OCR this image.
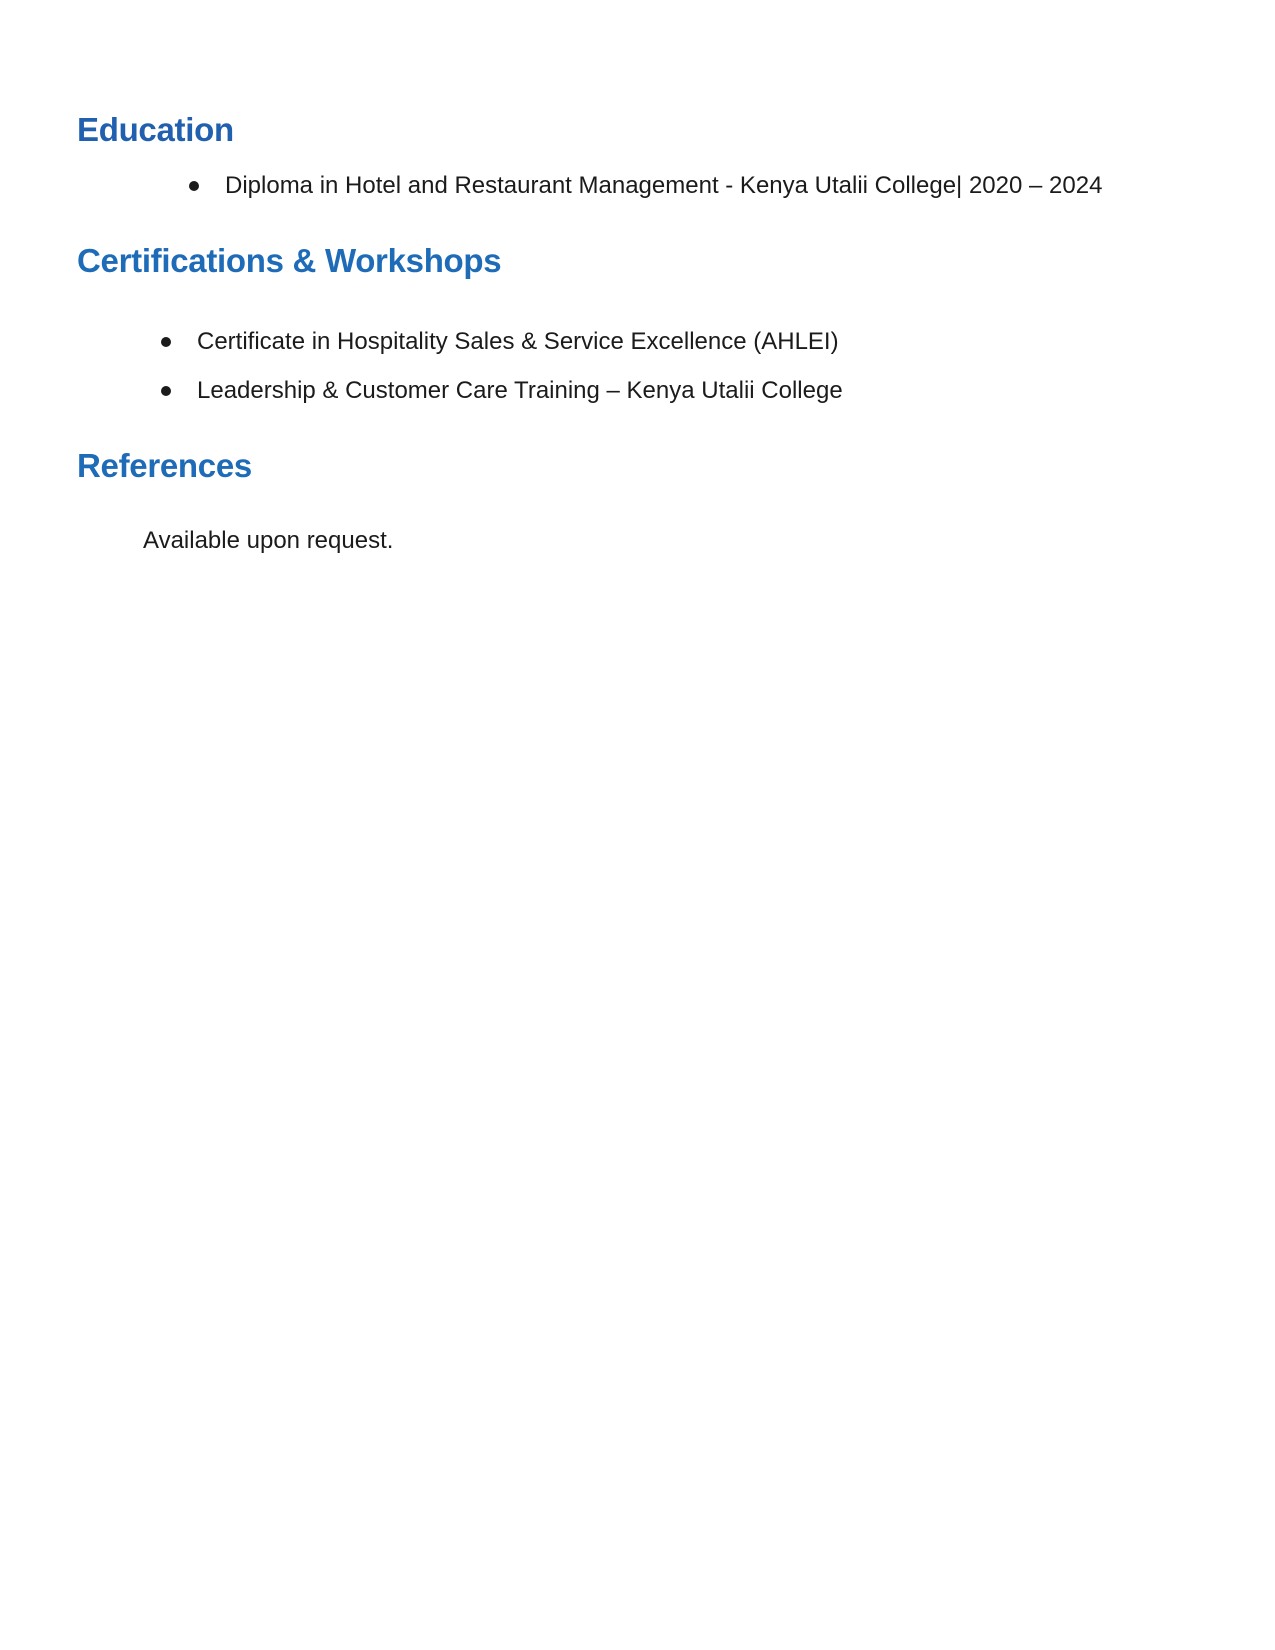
Education
Diploma in Hotel and Restaurant Management - Kenya Utalii College| 2020 – 2024
Certifications & Workshops
Certificate in Hospitality Sales & Service Excellence (AHLEI)
Leadership & Customer Care Training – Kenya Utalii College
References

Available upon request.
